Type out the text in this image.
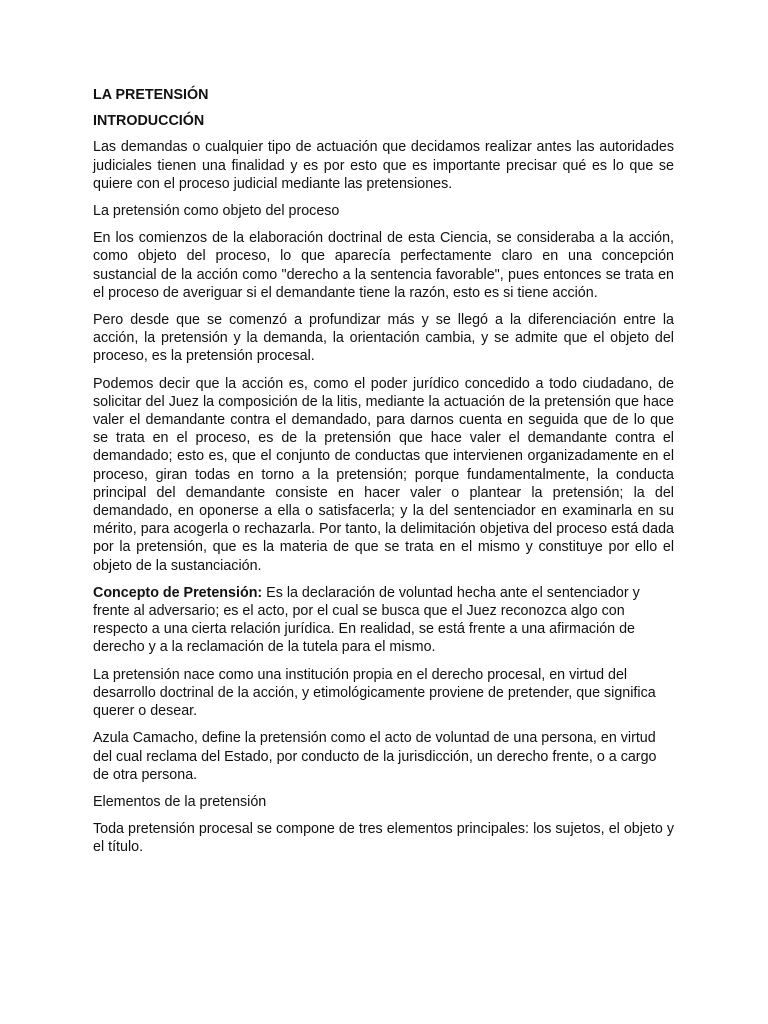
LA PRETENSIÓN

INTRODUCCIÓN

Las demandas o cualquier tipo de actuación que decidamos realizar antes las autoridades judiciales tienen una finalidad y es por esto que es importante precisar qué es lo que se quiere con el proceso judicial mediante las pretensiones.

La pretensión como objeto del proceso

En los comienzos de la elaboración doctrinal de esta Ciencia, se consideraba a la acción, como objeto del proceso, lo que aparecía perfectamente claro en una concepción sustancial de la acción como "derecho a la sentencia favorable", pues entonces se trata en el proceso de averiguar si el demandante tiene la razón, esto es si tiene acción.

Pero desde que se comenzó a profundizar más y se llegó a la diferenciación entre la acción, la pretensión y la demanda, la orientación cambia, y se admite que el objeto del proceso, es la pretensión procesal.

Podemos decir que la acción es, como el poder jurídico concedido a todo ciudadano, de solicitar del Juez la composición de la litis, mediante la actuación de la pretensión que hace valer el demandante contra el demandado, para darnos cuenta en seguida que de lo que se trata en el proceso, es de la pretensión que hace valer el demandante contra el demandado; esto es, que el conjunto de conductas que intervienen organizadamente en el proceso, giran todas en torno a la pretensión; porque fundamentalmente, la conducta principal del demandante consiste en hacer valer o plantear la pretensión; la del demandado, en oponerse a ella o satisfacerla; y la del sentenciador en examinarla en su mérito, para acogerla o rechazarla. Por tanto, la delimitación objetiva del proceso está dada por la pretensión, que es la materia de que se trata en el mismo y constituye por ello el objeto de la sustanciación.

Concepto de Pretensión: Es la declaración de voluntad hecha ante el sentenciador y frente al adversario; es el acto, por el cual se busca que el Juez reconozca algo con respecto a una cierta relación jurídica. En realidad, se está frente a una afirmación de derecho y a la reclamación de la tutela para el mismo.

La pretensión nace como una institución propia en el derecho procesal, en virtud del desarrollo doctrinal de la acción, y etimológicamente proviene de pretender, que significa querer o desear.

Azula Camacho, define la pretensión como el acto de voluntad de una persona, en virtud del cual reclama del Estado, por conducto de la jurisdicción, un derecho frente, o a cargo de otra persona.

Elementos de la pretensión

Toda pretensión procesal se compone de tres elementos principales: los sujetos, el objeto y el título.
